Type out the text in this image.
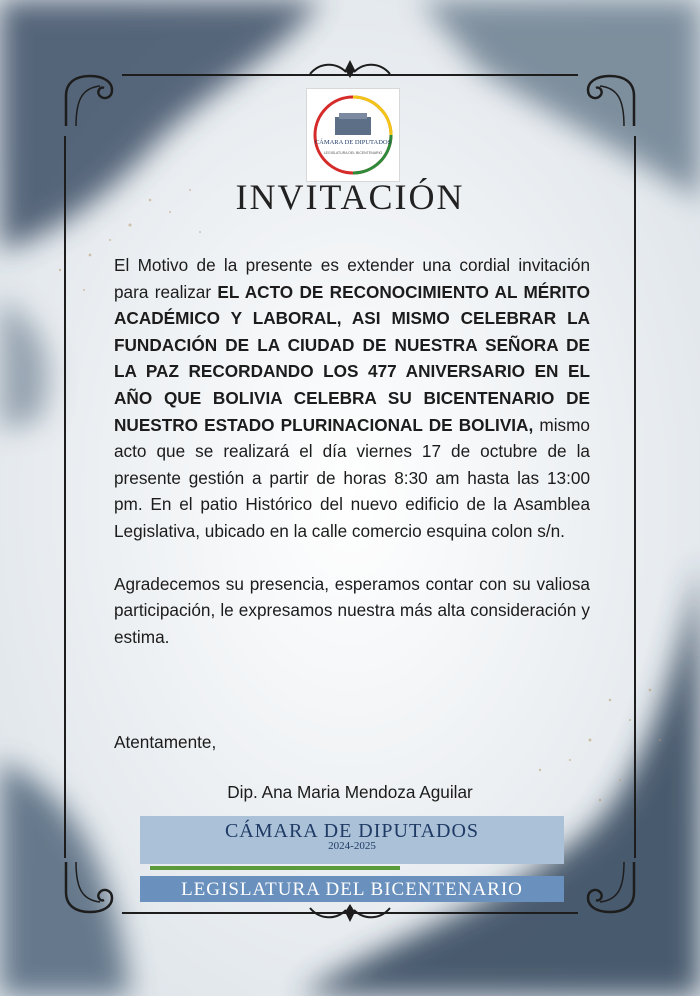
CÁMARA DE DIPUTADOS
LEGISLATURA DEL BICENTENARIO
INVITACIÓN

El Motivo de la presente es extender una cordial invitación para realizar EL ACTO DE RECONOCIMIENTO AL MÉRITO ACADÉMICO Y LABORAL, ASI MISMO CELEBRAR LA FUNDACIÓN DE LA CIUDAD DE NUESTRA SEÑORA DE LA PAZ RECORDANDO LOS 477 ANIVERSARIO EN EL AÑO QUE BOLIVIA CELEBRA SU BICENTENARIO DE NUESTRO ESTADO PLURINACIONAL DE BOLIVIA, mismo acto que se realizará el día viernes 17 de octubre de la presente gestión a partir de horas 8:30 am hasta las 13:00 pm. En el patio Histórico del nuevo edificio de la Asamblea Legislativa, ubicado en la calle comercio esquina colon s/n.

Agradecemos su presencia, esperamos contar con su valiosa participación, le expresamos nuestra más alta consideración y estima.

Atentamente,
Dip. Ana Maria Mendoza Aguilar
CÁMARA DE DIPUTADOS
2024-2025
LEGISLATURA DEL BICENTENARIO
